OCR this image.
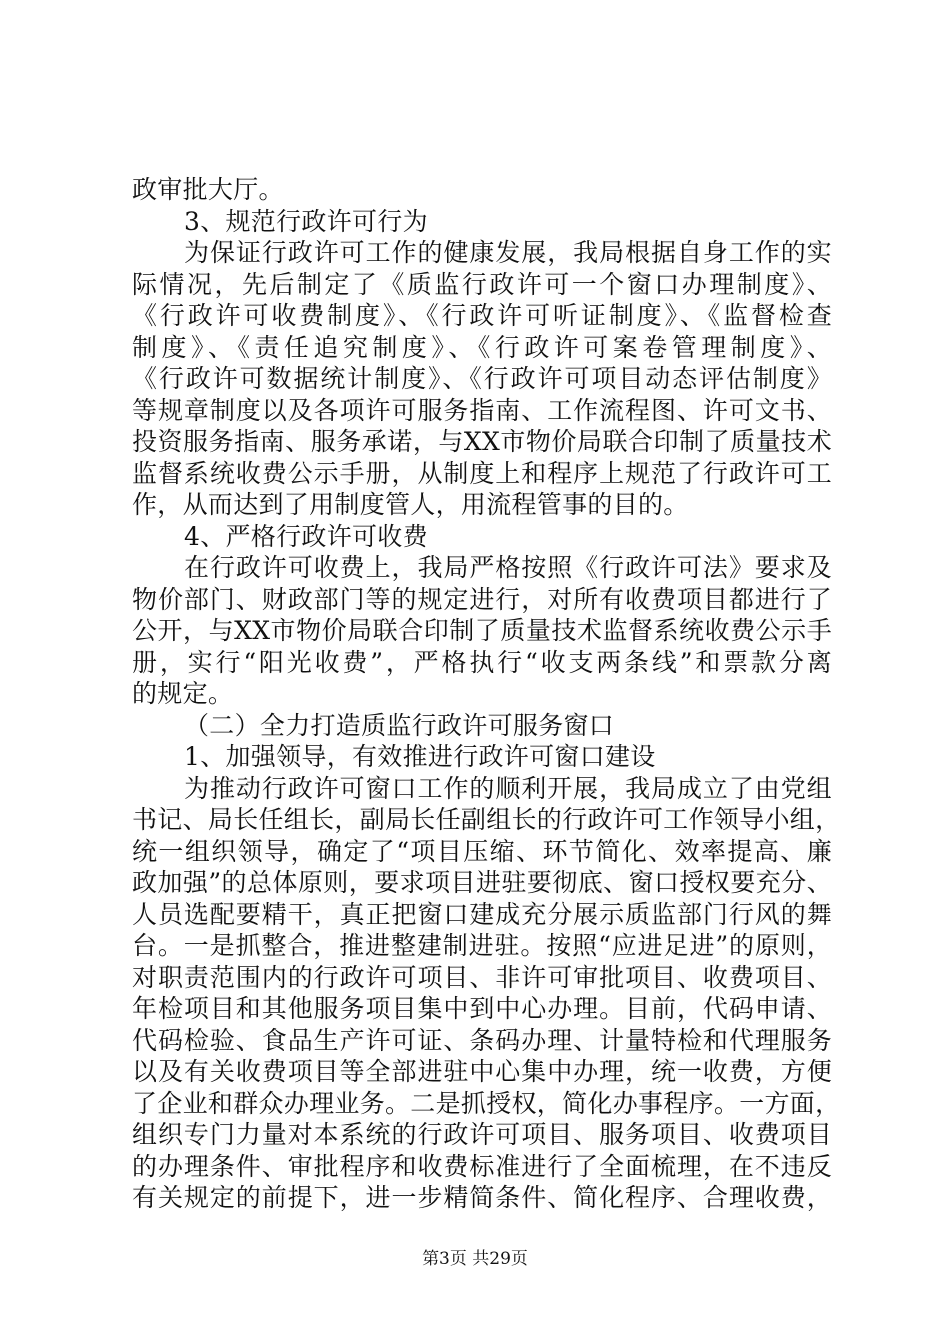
政审批大厅。
3、规范行政许可行为
为保证行政许可工作的健康发展，我局根据自身工作的实
际情况，先后制定了《质监行政许可一个窗口办理制度》、
《行政许可收费制度》、《行政许可听证制度》、《监督检查
制度》、《责任追究制度》、《行政许可案卷管理制度》、
《行政许可数据统计制度》、《行政许可项目动态评估制度》
等规章制度以及各项许可服务指南、工作流程图、许可文书、
投资服务指南、服务承诺，与XX市物价局联合印制了质量技术
监督系统收费公示手册，从制度上和程序上规范了行政许可工
作，从而达到了用制度管人，用流程管事的目的。
4、严格行政许可收费
在行政许可收费上，我局严格按照《行政许可法》要求及
物价部门、财政部门等的规定进行，对所有收费项目都进行了
公开，与XX市物价局联合印制了质量技术监督系统收费公示手
册，实行“阳光收费”，严格执行“收支两条线”和票款分离
的规定。
（二）全力打造质监行政许可服务窗口
1、加强领导，有效推进行政许可窗口建设
为推动行政许可窗口工作的顺利开展，我局成立了由党组
书记、局长任组长，副局长任副组长的行政许可工作领导小组，
统一组织领导，确定了“项目压缩、环节简化、效率提高、廉
政加强”的总体原则，要求项目进驻要彻底、窗口授权要充分、
人员选配要精干，真正把窗口建成充分展示质监部门行风的舞
台。一是抓整合，推进整建制进驻。按照“应进足进”的原则，
对职责范围内的行政许可项目、非许可审批项目、收费项目、
年检项目和其他服务项目集中到中心办理。目前，代码申请、
代码检验、食品生产许可证、条码办理、计量特检和代理服务
以及有关收费项目等全部进驻中心集中办理，统一收费，方便
了企业和群众办理业务。二是抓授权，简化办事程序。一方面，
组织专门力量对本系统的行政许可项目、服务项目、收费项目
的办理条件、审批程序和收费标准进行了全面梳理，在不违反
有关规定的前提下，进一步精简条件、简化程序、合理收费，
第3页 共29页
